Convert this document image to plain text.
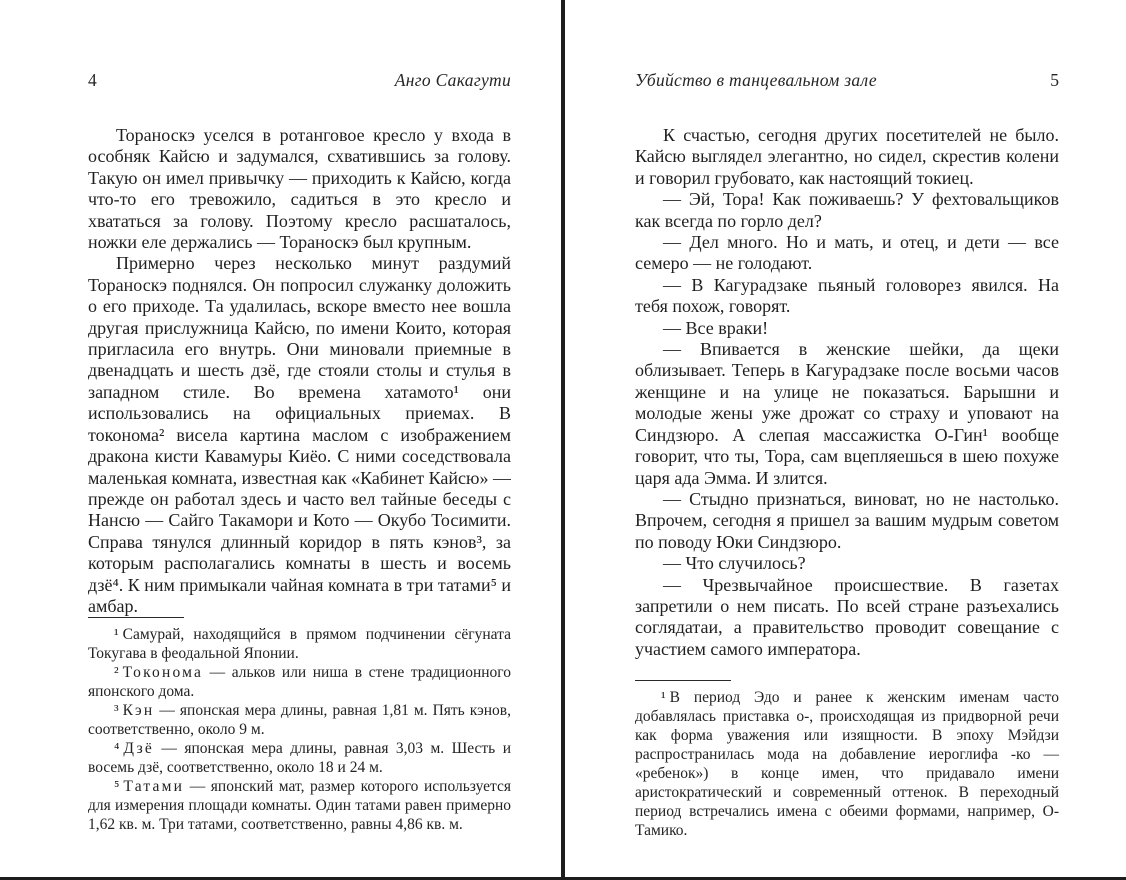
4	Анго Сакагути

Тораноскэ уселся в ротанговое кресло у входа в особняк Кайсю и задумался, схватившись за голову. Такую он имел привычку — приходить к Кайсю, когда что-то его тревожило, садиться в это кресло и хвататься за голову. Поэтому кресло расшаталось, ножки еле держались — Тораноскэ был крупным.

Примерно через несколько минут раздумий Тораноскэ поднялся. Он попросил служанку доложить о его приходе. Та удалилась, вскоре вместо нее вошла другая прислужница Кайсю, по имени Които, которая пригласила его внутрь. Они миновали приемные в двенадцать и шесть дзё, где стояли столы и стулья в западном стиле. Во времена хатамото¹ они использовались на официальных приемах. В токонома² висела картина маслом с изображением дракона кисти Кавамуры Киёо. С ними соседствовала маленькая комната, известная как «Кабинет Кайсю» — прежде он работал здесь и часто вел тайные беседы с Нансю — Сайго Такамори и Кото — Окубо Тосимити. Справа тянулся длинный коридор в пять кэнов³, за которым располагались комнаты в шесть и восемь дзё⁴. К ним примыкали чайная комната в три татами⁵ и амбар.

¹ Самурай, находящийся в прямом подчинении сёгуната Токугава в феодальной Японии.

² Токонома — альков или ниша в стене традиционного японского дома.

³ Кэн — японская мера длины, равная 1,81 м. Пять кэнов, соответственно, около 9 м.

⁴ Дзё — японская мера длины, равная 3,03 м. Шесть и восемь дзё, соответственно, около 18 и 24 м.

⁵ Татами — японский мат, размер которого используется для измерения площади комнаты. Один татами равен примерно 1,62 кв. м. Три татами, соответственно, равны 4,86 кв. м.

Убийство в танцевальном зале	5

К счастью, сегодня других посетителей не было. Кайсю выглядел элегантно, но сидел, скрестив колени и говорил грубовато, как настоящий токиец.

— Эй, Тора! Как поживаешь? У фехтовальщиков как всегда по горло дел?

— Дел много. Но и мать, и отец, и дети — все семеро — не голодают.

— В Кагурадзаке пьяный головорез явился. На тебя похож, говорят.

— Все враки!

— Впивается в женские шейки, да щеки облизывает. Теперь в Кагурадзаке после восьми часов женщине и на улице не показаться. Барышни и молодые жены уже дрожат со страху и уповают на Синдзюро. А слепая массажистка О-Гин¹ вообще говорит, что ты, Тора, сам вцепляешься в шею похуже царя ада Эмма. И злится.

— Стыдно признаться, виноват, но не настолько. Впрочем, сегодня я пришел за вашим мудрым советом по поводу Юки Синдзюро.

— Что случилось?

— Чрезвычайное происшествие. В газетах запретили о нем писать. По всей стране разъехались соглядатаи, а правительство проводит совещание с участием самого императора.

¹ В период Эдо и ранее к женским именам часто добавлялась приставка о-, происходящая из придворной речи как форма уважения или изящности. В эпоху Мэйдзи распространилась мода на добавление иероглифа -ко — «ребенок») в конце имен, что придавало имени аристократический и современный оттенок. В переходный период встречались имена с обеими формами, например, О-Тамико.
